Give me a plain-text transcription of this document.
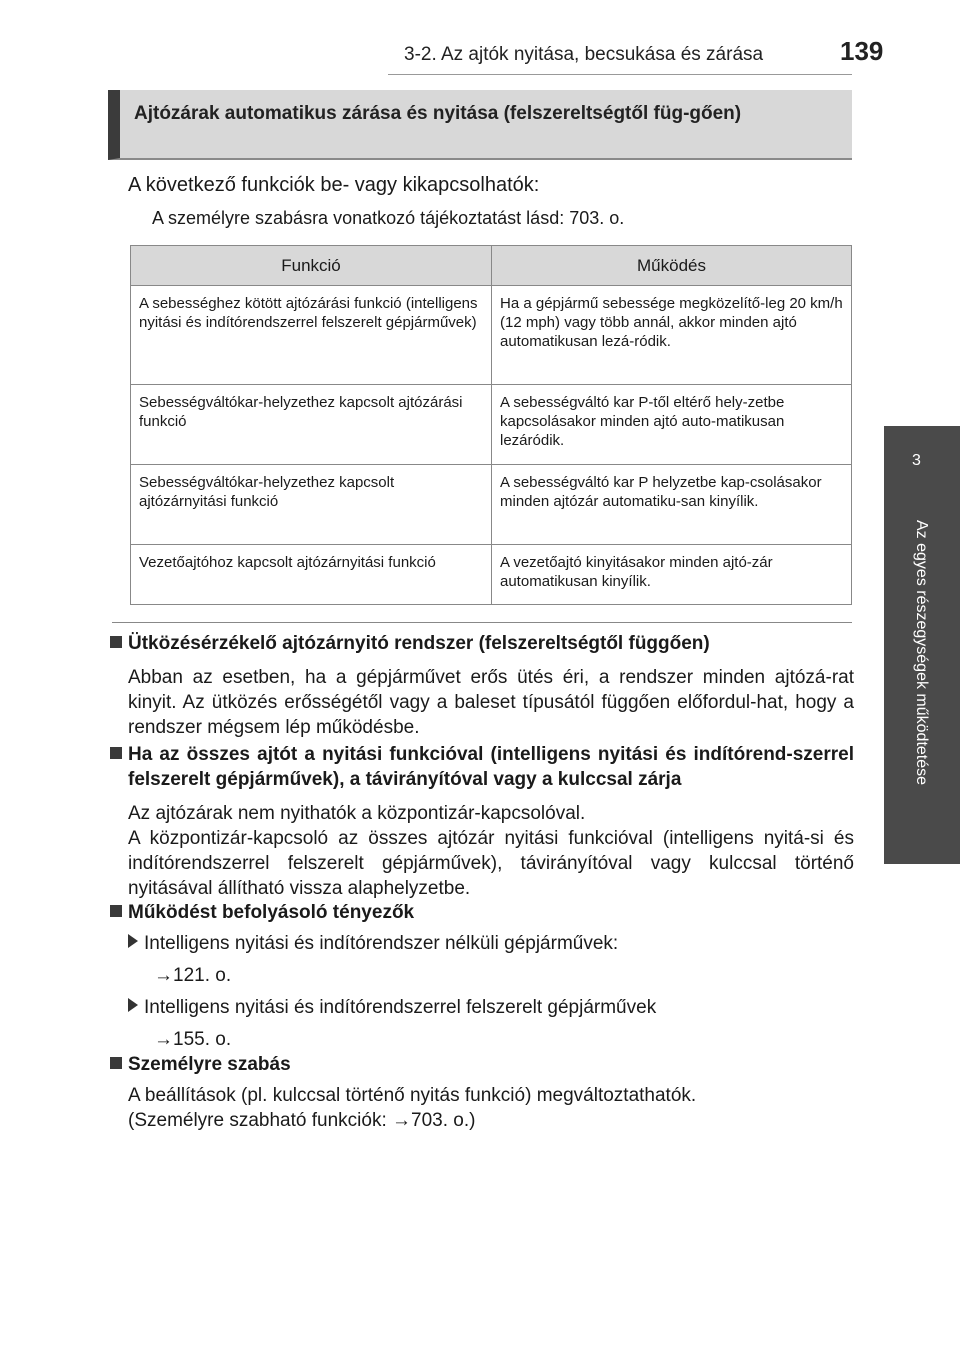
3-2. Az ajtók nyitása, becsukása és zárása	139
3
Az egyes részegységek működtetése
Ajtózárak automatikus zárása és nyitása (felszereltségtől füg-gően)
A következő funkciók be- vagy kikapcsolhatók:
A személyre szabásra vonatkozó tájékoztatást lásd: 703. o.
Funkció	Működés
A sebességhez kötött ajtózárási funkció (intelligens nyitási és indítórendszerrel felszerelt gépjárművek)	Ha a gépjármű sebessége megközelítő-leg 20 km/h (12 mph) vagy több annál, akkor minden ajtó automatikusan lezá-ródik.
Sebességváltókar-helyzethez kapcsolt ajtózárási funkció	A sebességváltó kar P-től eltérő hely-zetbe kapcsolásakor minden ajtó auto-matikusan lezáródik.
Sebességváltókar-helyzethez kapcsolt ajtózárnyitási funkció	A sebességváltó kar P helyzetbe kap-csolásakor minden ajtózár automatiku-san kinyílik.
Vezetőajtóhoz kapcsolt ajtózárnyitási funkció	A vezetőajtó kinyitásakor minden ajtó-zár automatikusan kinyílik.
Ütközésérzékelő ajtózárnyitó rendszer (felszereltségtől függően)
Abban az esetben, ha a gépjárművet erős ütés éri, a rendszer minden ajtózá-rat kinyit. Az ütközés erősségétől vagy a baleset típusától függően előfordul-hat, hogy a rendszer mégsem lép működésbe.
Ha az összes ajtót a nyitási funkcióval (intelligens nyitási és indítórend-szerrel felszerelt gépjárművek), a távirányítóval vagy a kulccsal zárja
Az ajtózárak nem nyithatók a központizár-kapcsolóval.
A központizár-kapcsoló az összes ajtózár nyitási funkcióval (intelligens nyitá-si és indítórendszerrel felszerelt gépjárművek), távirányítóval vagy kulccsal történő nyitásával állítható vissza alaphelyzetbe.
Működést befolyásoló tényezők
Intelligens nyitási és indítórendszer nélküli gépjárművek:
→121. o.
Intelligens nyitási és indítórendszerrel felszerelt gépjárművek
→155. o.
Személyre szabás
A beállítások (pl. kulccsal történő nyitás funkció) megváltoztathatók.
(Személyre szabható funkciók: →703. o.)
